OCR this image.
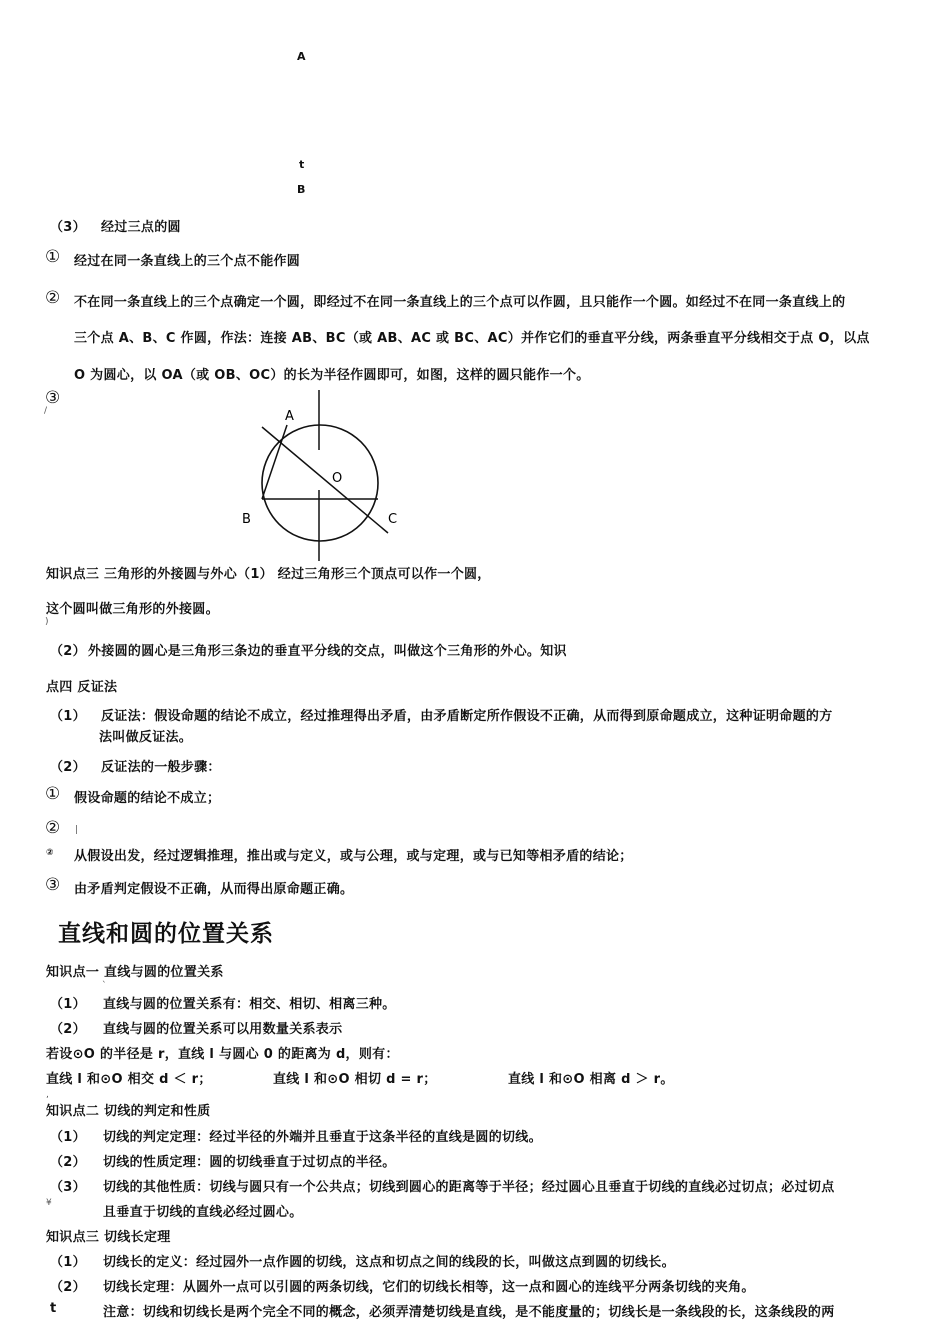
A
t
B
（3） 经过三点的圆
① 经过在同一条直线上的三个点不能作圆
② 不在同一条直线上的三个点确定一个圆，即经过不在同一条直线上的三个点可以作圆，且只能作一个圆。如经过不在同一条直线上的
三个点 A、B、C 作圆，作法：连接 AB、BC（或 AB、AC 或 BC、AC）并作它们的垂直平分线，两条垂直平分线相交于点 O，以点
O 为圆心，以 OA（或 OB、OC）的长为半径作圆即可，如图，这样的圆只能作一个。
③
/	A
O
B	C
知识点三 三角形的外接圆与外心（1） 经过三角形三个顶点可以作一个圆，
这个圆叫做三角形的外接圆。
)
（2） 外接圆的圆心是三角形三条边的垂直平分线的交点，叫做这个三角形的外心。知识
点四 反证法
（1） 反证法：假设命题的结论不成立，经过推理得出矛盾，由矛盾断定所作假设不正确，从而得到原命题成立，这种证明命题的方
法叫做反证法。
（2） 反证法的一般步骤：
① 假设命题的结论不成立；
② |
② 从假设出发，经过逻辑推理，推出或与定义，或与公理，或与定理，或与已知等相矛盾的结论；
③ 由矛盾判定假设不正确，从而得出原命题正确。
直线和圆的位置关系
知识点一 直线与圆的位置关系
`
（1） 直线与圆的位置关系有：相交、相切、相离三种。
（2） 直线与圆的位置关系可以用数量关系表示
若设⊙O 的半径是 r，直线 l 与圆心 0 的距离为 d，则有：
直线 l 和⊙O 相交 d ＜ r；	直线 l 和⊙O 相切 d = r；	直线 l 和⊙O 相离 d ＞ r。
,
知识点二 切线的判定和性质
（1） 切线的判定定理：经过半径的外端并且垂直于这条半径的直线是圆的切线。
（2） 切线的性质定理：圆的切线垂直于过切点的半径。
（3） 切线的其他性质：切线与圆只有一个公共点；切线到圆心的距离等于半径；经过圆心且垂直于切线的直线必过切点；必过切点
¥
且垂直于切线的直线必经过圆心。
知识点三 切线长定理
（1） 切线长的定义：经过园外一点作圆的切线，这点和切点之间的线段的长，叫做这点到圆的切线长。
（2） 切线长定理：从圆外一点可以引圆的两条切线，它们的切线长相等，这一点和圆心的连线平分两条切线的夹角。
t	注意：切线和切线长是两个完全不同的概念，必须弄清楚切线是直线，是不能度量的；切线长是一条线段的长，这条线段的两
